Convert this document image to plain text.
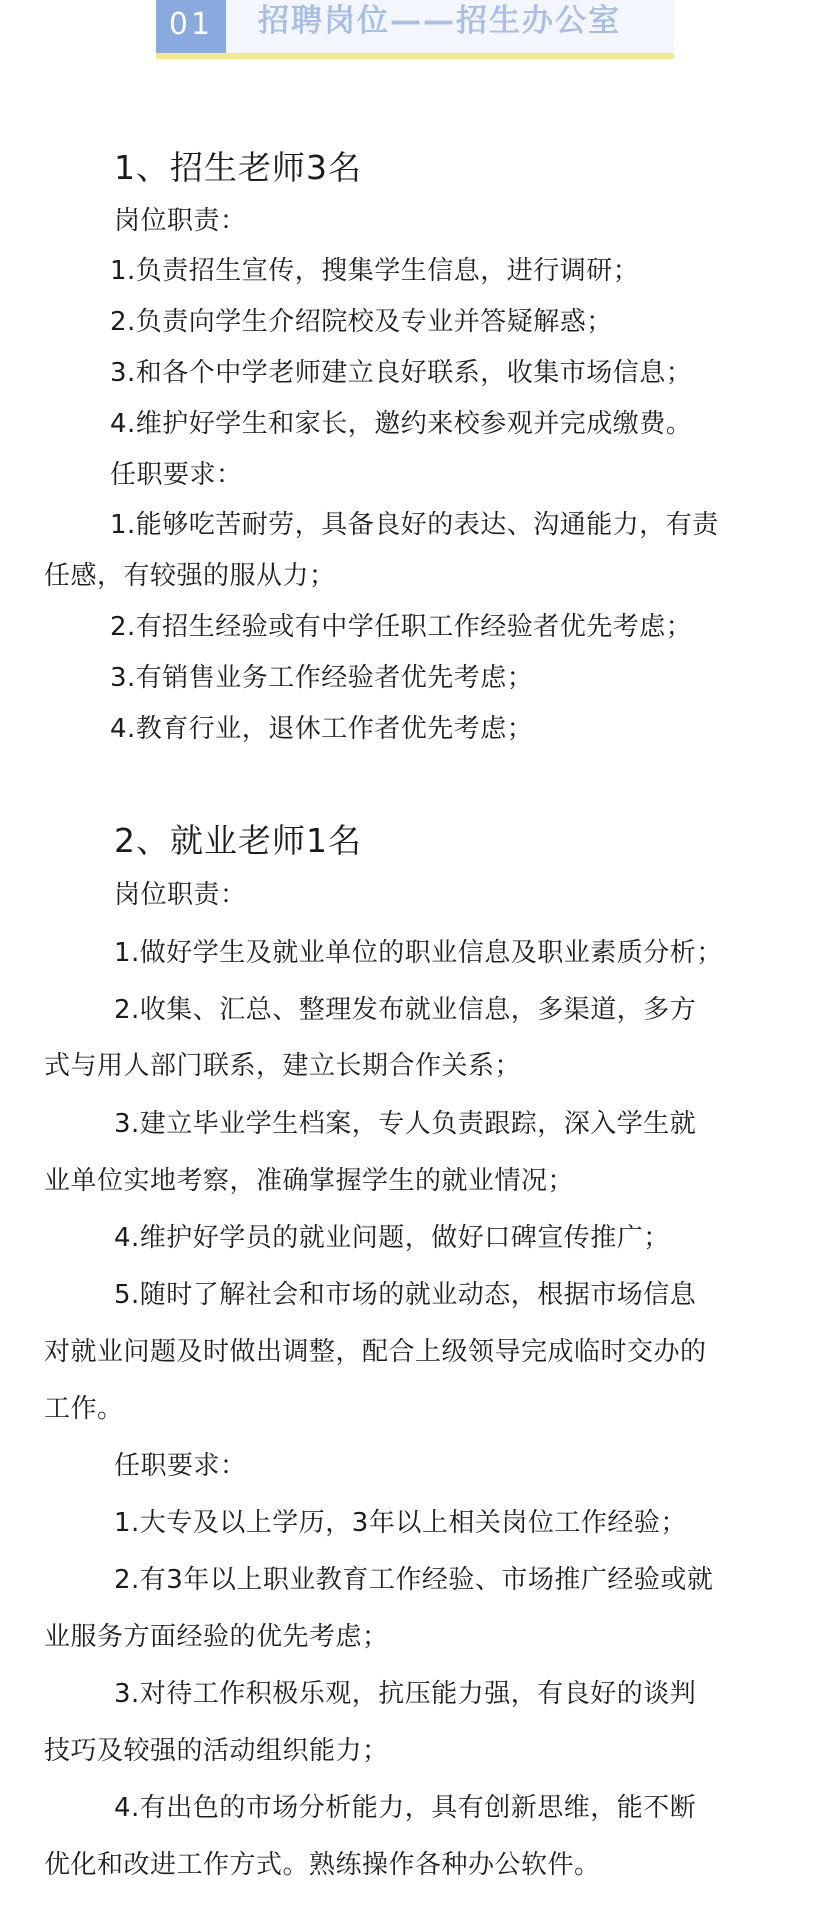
01	招聘岗位——招生办公室
1、招生老师3名
岗位职责：
1.负责招生宣传，搜集学生信息，进行调研；
2.负责向学生介绍院校及专业并答疑解惑；
3.和各个中学老师建立良好联系，收集市场信息；
4.维护好学生和家长，邀约来校参观并完成缴费。
任职要求：
1.能够吃苦耐劳，具备良好的表达、沟通能力，有责
任感，有较强的服从力；
2.有招生经验或有中学任职工作经验者优先考虑；
3.有销售业务工作经验者优先考虑；
4.教育行业，退休工作者优先考虑；
2、就业老师1名
岗位职责：
1.做好学生及就业单位的职业信息及职业素质分析；
2.收集、汇总、整理发布就业信息，多渠道，多方
式与用人部门联系，建立长期合作关系；
3.建立毕业学生档案，专人负责跟踪，深入学生就
业单位实地考察，准确掌握学生的就业情况；
4.维护好学员的就业问题，做好口碑宣传推广；
5.随时了解社会和市场的就业动态，根据市场信息
对就业问题及时做出调整，配合上级领导完成临时交办的
工作。
任职要求：
1.大专及以上学历，3年以上相关岗位工作经验；
2.有3年以上职业教育工作经验、市场推广经验或就
业服务方面经验的优先考虑；
3.对待工作积极乐观，抗压能力强，有良好的谈判
技巧及较强的活动组织能力；
4.有出色的市场分析能力，具有创新思维，能不断
优化和改进工作方式。熟练操作各种办公软件。
